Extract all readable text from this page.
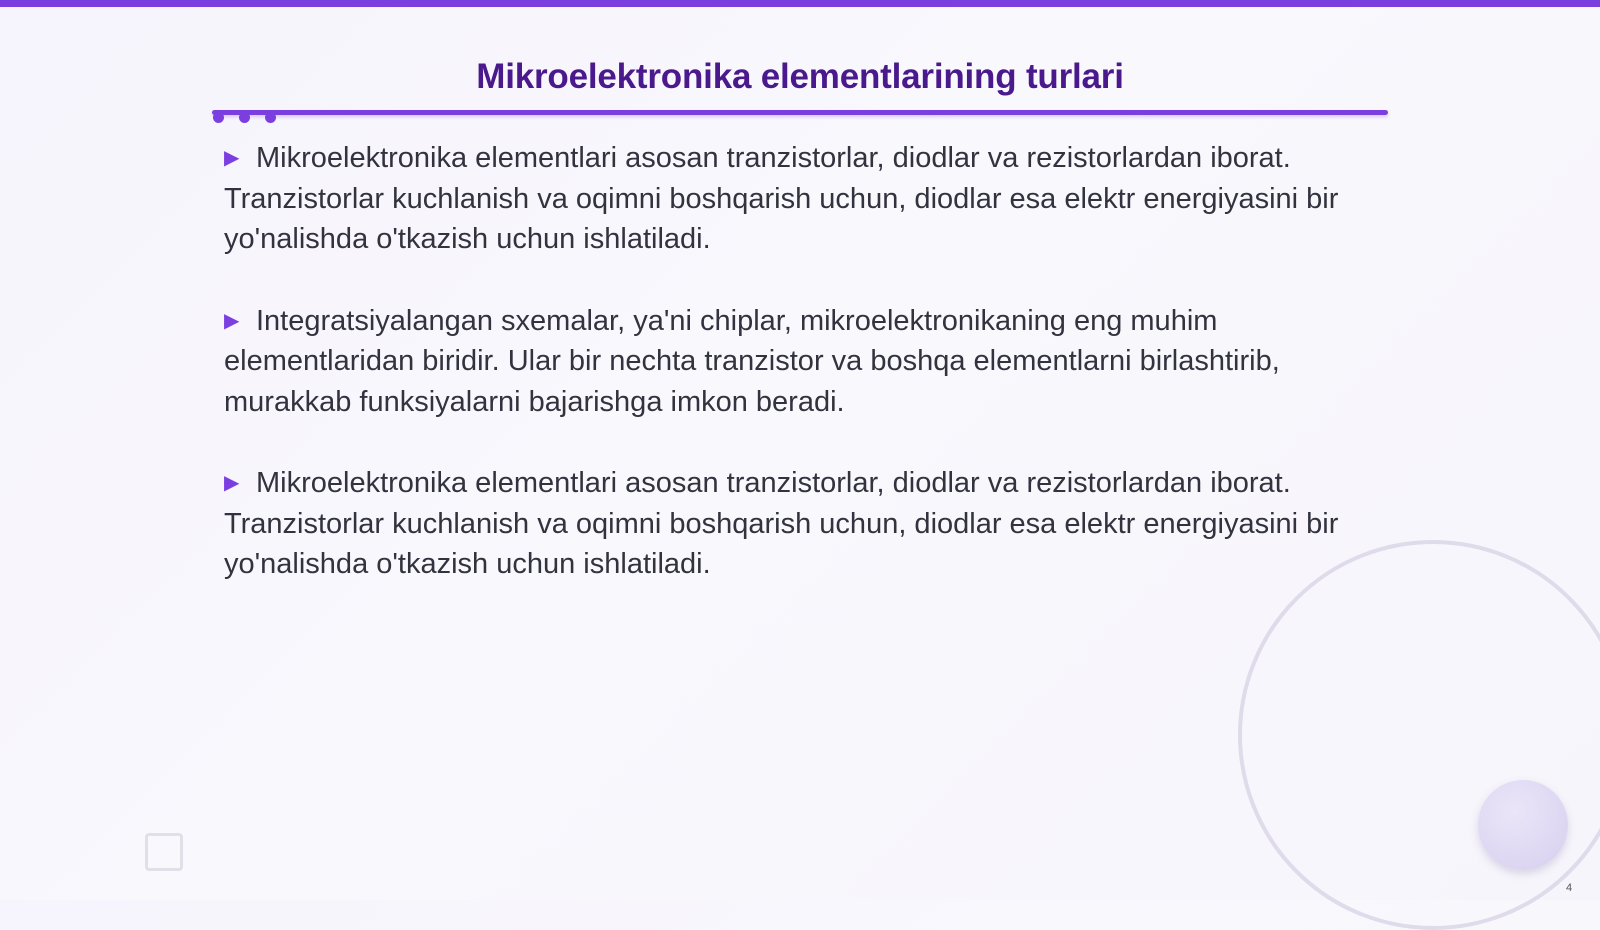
Mikroelektronika elementlarining turlari

▶ Mikroelektronika elementlari asosan tranzistorlar, diodlar va rezistorlardan iborat. Tranzistorlar kuchlanish va oqimni boshqarish uchun, diodlar esa elektr energiyasini bir yo'nalishda o'tkazish uchun ishlatiladi.

▶ Integratsiyalangan sxemalar, ya'ni chiplar, mikroelektronikaning eng muhim elementlaridan biridir. Ular bir nechta tranzistor va boshqa elementlarni birlashtirib, murakkab funksiyalarni bajarishga imkon beradi.

▶ Mikroelektronika elementlari asosan tranzistorlar, diodlar va rezistorlardan iborat. Tranzistorlar kuchlanish va oqimni boshqarish uchun, diodlar esa elektr energiyasini bir yo'nalishda o'tkazish uchun ishlatiladi.

4
